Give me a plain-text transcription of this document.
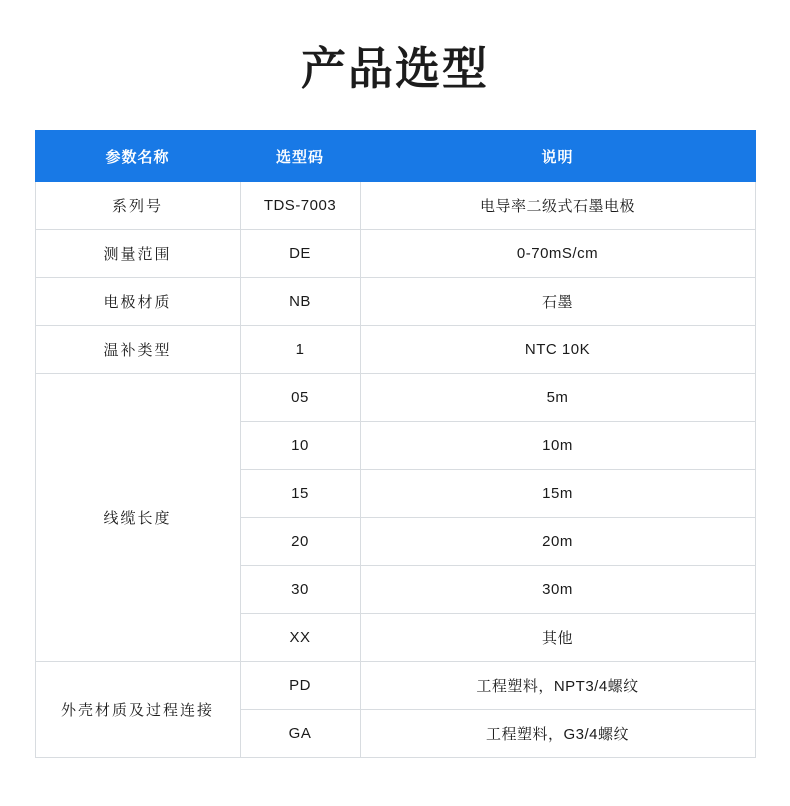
产品选型
参数名称	选型码	说明
系列号	TDS-7003	电导率二级式石墨电极
测量范围	DE	0-70mS/cm
电极材质	NB	石墨
温补类型	1	NTC 10K
线缆长度	05	5m
	10	10m
	15	15m
	20	20m
	30	30m
	XX	其他
外壳材质及过程连接	PD	工程塑料，NPT3/4螺纹
	GA	工程塑料，G3/4螺纹
